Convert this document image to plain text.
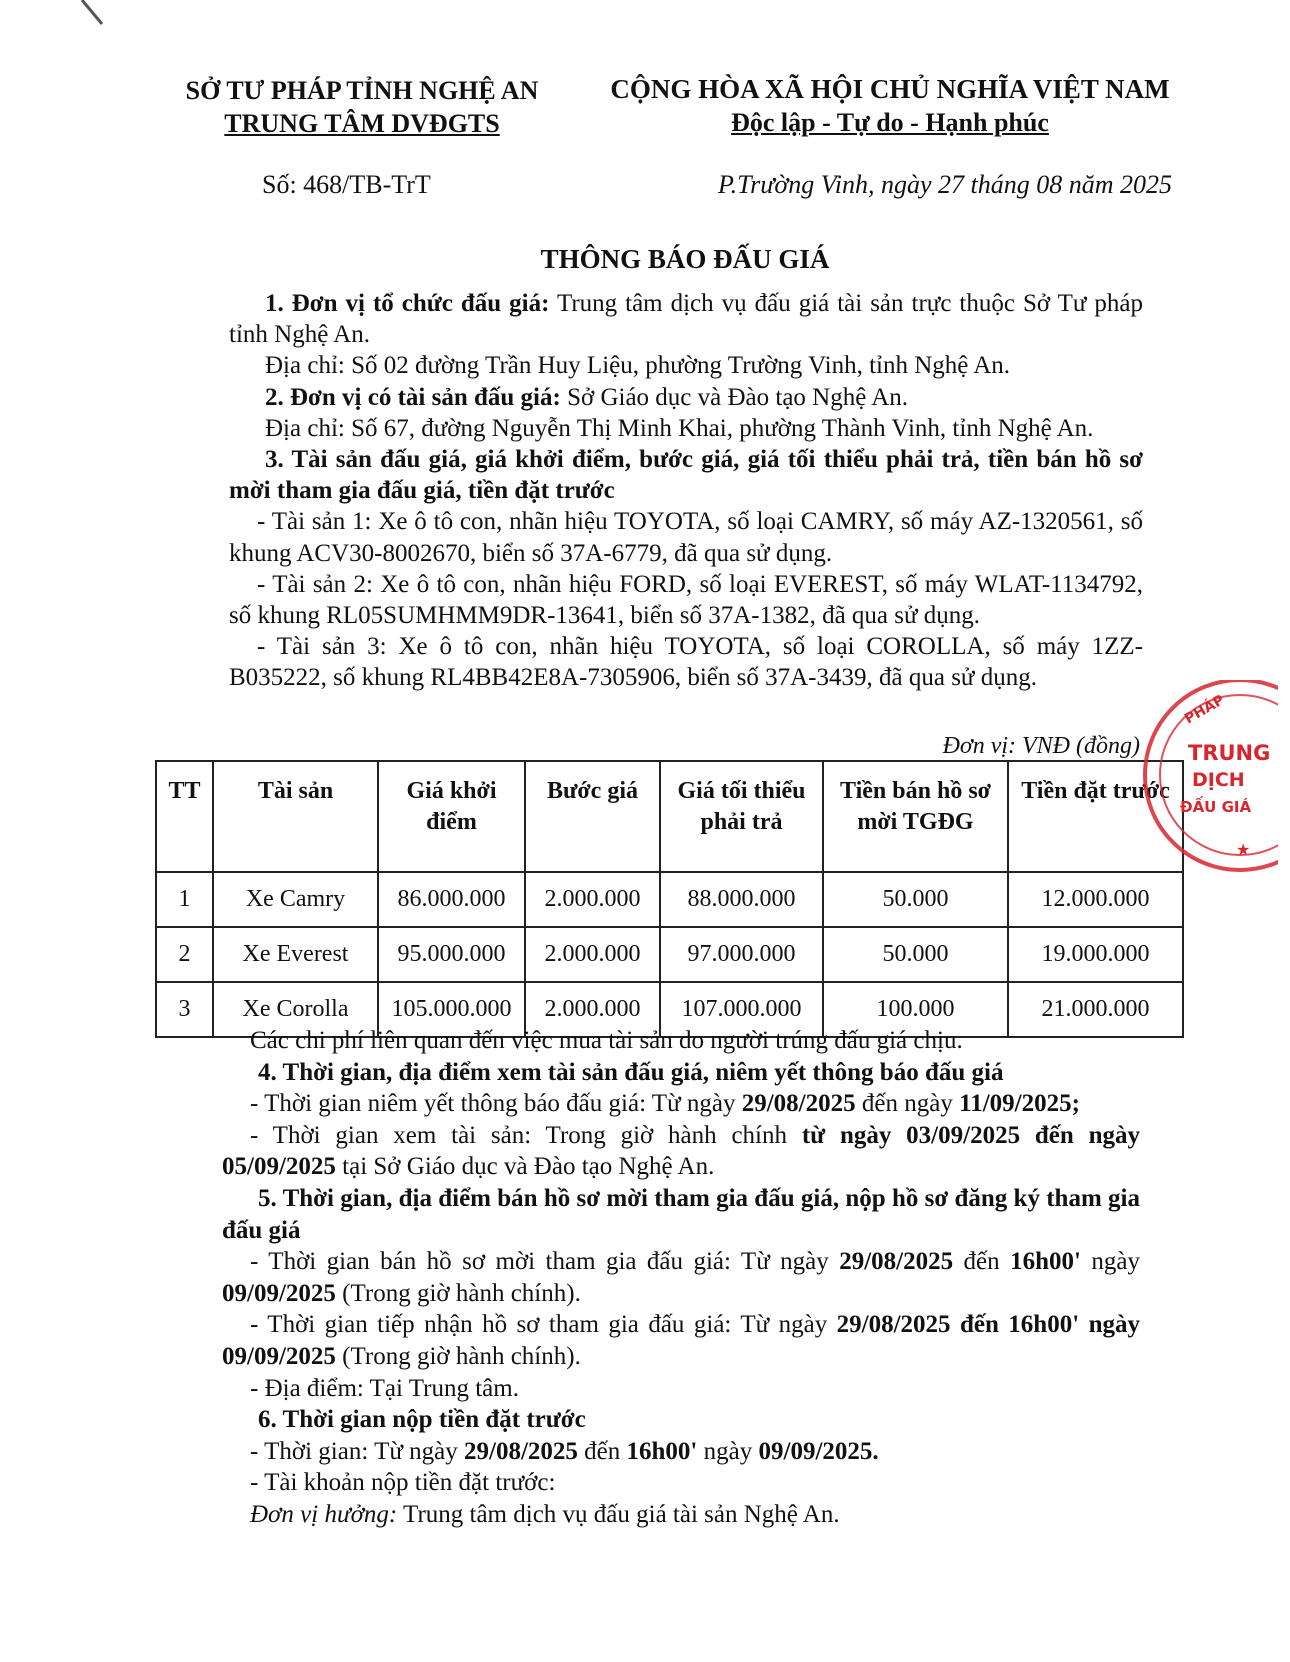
SỞ TƯ PHÁP TỈNH NGHỆ AN
TRUNG TÂM DVĐGTS
CỘNG HÒA XÃ HỘI CHỦ NGHĨA VIỆT NAM
Độc lập - Tự do - Hạnh phúc
Số: 468/TB-TrT	P.Trường Vinh, ngày 27 tháng 08 năm 2025
THÔNG BÁO ĐẤU GIÁ

1. Đơn vị tổ chức đấu giá: Trung tâm dịch vụ đấu giá tài sản trực thuộc Sở Tư pháp tỉnh Nghệ An.

Địa chỉ: Số 02 đường Trần Huy Liệu, phường Trường Vinh, tỉnh Nghệ An.

2. Đơn vị có tài sản đấu giá: Sở Giáo dục và Đào tạo Nghệ An.

Địa chỉ: Số 67, đường Nguyễn Thị Minh Khai, phường Thành Vinh, tỉnh Nghệ An.

3. Tài sản đấu giá, giá khởi điểm, bước giá, giá tối thiểu phải trả, tiền bán hồ sơ mời tham gia đấu giá, tiền đặt trước

- Tài sản 1: Xe ô tô con, nhãn hiệu TOYOTA, số loại CAMRY, số máy AZ-1320561, số khung ACV30-8002670, biển số 37A-6779, đã qua sử dụng.

- Tài sản 2: Xe ô tô con, nhãn hiệu FORD, số loại EVEREST, số máy WLAT-1134792, số khung RL05SUMHMM9DR-13641, biển số 37A-1382, đã qua sử dụng.

- Tài sản 3: Xe ô tô con, nhãn hiệu TOYOTA, số loại COROLLA, số máy 1ZZ-B035222, số khung RL4BB42E8A-7305906, biển số 37A-3439, đã qua sử dụng.

Đơn vị: VNĐ (đồng)
TT	Tài sản	Giá khởi điểm	Bước giá	Giá tối thiểu phải trả	Tiền bán hồ sơ mời TGĐG	Tiền đặt trước
1	Xe Camry	86.000.000	2.000.000	88.000.000	50.000	12.000.000
2	Xe Everest	95.000.000	2.000.000	97.000.000	50.000	19.000.000
3	Xe Corolla	105.000.000	2.000.000	107.000.000	100.000	21.000.000
PHÁP
TRUNG
DỊCH
ĐẤU GIÁ
★

Các chi phí liên quan đến việc mua tài sản do người trúng đấu giá chịu.

4. Thời gian, địa điểm xem tài sản đấu giá, niêm yết thông báo đấu giá

- Thời gian niêm yết thông báo đấu giá: Từ ngày 29/08/2025 đến ngày 11/09/2025;

- Thời gian xem tài sản: Trong giờ hành chính từ ngày 03/09/2025 đến ngày 05/09/2025 tại Sở Giáo dục và Đào tạo Nghệ An.

5. Thời gian, địa điểm bán hồ sơ mời tham gia đấu giá, nộp hồ sơ đăng ký tham gia đấu giá

- Thời gian bán hồ sơ mời tham gia đấu giá: Từ ngày 29/08/2025 đến 16h00' ngày 09/09/2025 (Trong giờ hành chính).

- Thời gian tiếp nhận hồ sơ tham gia đấu giá: Từ ngày 29/08/2025 đến 16h00' ngày 09/09/2025 (Trong giờ hành chính).

- Địa điểm: Tại Trung tâm.

6. Thời gian nộp tiền đặt trước

- Thời gian: Từ ngày 29/08/2025 đến 16h00' ngày 09/09/2025.

- Tài khoản nộp tiền đặt trước:

Đơn vị hưởng: Trung tâm dịch vụ đấu giá tài sản Nghệ An.
